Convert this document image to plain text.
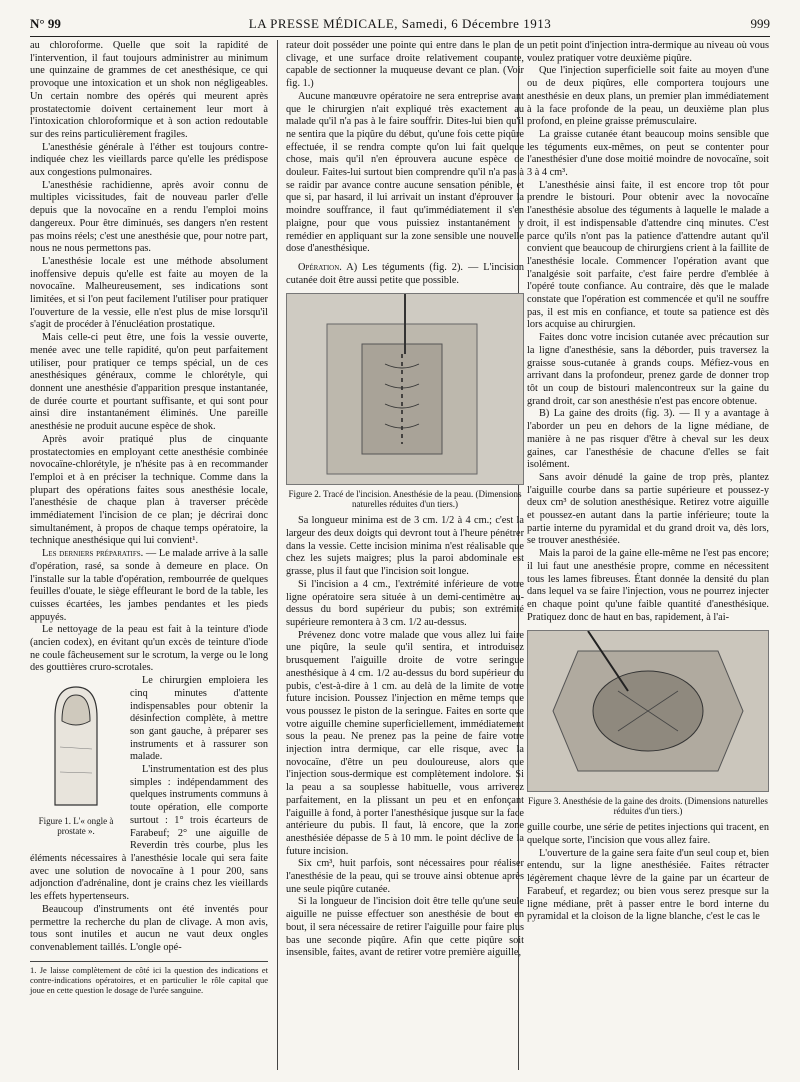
N° 99	LA PRESSE MÉDICALE, Samedi, 6 Décembre 1913	999

au chloroforme. Quelle que soit la rapidité de l'intervention, il faut toujours administrer au minimum une quinzaine de grammes de cet anesthésique, ce qui provoque une intoxication et un shok non négligeables. Un certain nombre des opérés qui meurent après prostatectomie doivent certainement leur mort à l'intoxication chloroformique et à son action redoutable sur des reins particulièrement fragiles.

L'anesthésie générale à l'éther est toujours contre-indiquée chez les vieillards parce qu'elle les prédispose aux congestions pulmonaires.

L'anesthésie rachidienne, après avoir connu de multiples vicissitudes, fait de nouveau parler d'elle depuis que la novocaïne en a rendu l'emploi moins dangereux. Pour être diminués, ses dangers n'en restent pas moins réels; c'est une anesthésie que, pour notre part, nous ne nous permettons pas.

L'anesthésie locale est une méthode absolument inoffensive depuis qu'elle est faite au moyen de la novocaïne. Malheureusement, ses indications sont limitées, et si l'on peut facilement l'utiliser pour pratiquer l'ouverture de la vessie, elle n'est plus de mise lorsqu'il s'agit de procéder à l'énucléation prostatique.

Mais celle-ci peut être, une fois la vessie ouverte, menée avec une telle rapidité, qu'on peut parfaitement utiliser, pour pratiquer ce temps spécial, un de ces anesthésiques généraux, comme le chlorétyle, qui donnent une anesthésie d'apparition presque instantanée, de durée courte et pourtant suffisante, et qui sont pour ainsi dire instantanément éliminés. Une pareille anesthésie ne produit aucune espèce de shok.

Après avoir pratiqué plus de cinquante prostatectomies en employant cette anesthésie combinée novocaïne-chlorétyle, je n'hésite pas à en recommander l'emploi et à en préciser la technique. Comme dans la plupart des opérations faites sous anesthésie locale, l'anesthésie de chaque plan à traverser précède immédiatement l'incision de ce plan; je décrirai donc simultanément, à propos de chaque temps opératoire, la technique anesthésique qui lui convient¹.

Les derniers préparatifs. — Le malade arrive à la salle d'opération, rasé, sa sonde à demeure en place. On l'installe sur la table d'opération, rembourrée de quelques feuilles d'ouate, le siège effleurant le bord de la table, les cuisses écartées, les jambes pendantes et les pieds appuyés.

Le nettoyage de la peau est fait à la teinture d'iode (ancien codex), en évitant qu'un excès de teinture d'iode ne coule fâcheusement sur le scrotum, la verge ou le long des gouttières cruro-scrotales.

Figure 1. L'« ongle à prostate ».

Le chirurgien emploiera les cinq minutes d'attente indispensables pour obtenir la désinfection complète, à mettre son gant gauche, à préparer ses instruments et à rassurer son malade.

L'instrumentation est des plus simples : indépendamment des quelques instruments communs à toute opération, elle comporte surtout : 1° trois écarteurs de Farabeuf; 2° une aiguille de Reverdin très courbe, plus les éléments nécessaires à l'anesthésie locale qui sera faite avec une solution de novocaïne à 1 pour 200, sans adjonction d'adrénaline, dont je crains chez les vieillards les effets hypertenseurs.

Beaucoup d'instruments ont été inventés pour permettre la recherche du plan de clivage. A mon avis, tous sont inutiles et aucun ne vaut deux ongles convenablement taillés. L'ongle opé-

1. Je laisse complètement de côté ici la question des indications et contre-indications opératoires, et en particulier le rôle capital que joue en cette question le dosage de l'urée sanguine.

rateur doit posséder une pointe qui entre dans le plan de clivage, et une surface droite relativement coupante, capable de sectionner la muqueuse devant ce plan. (Voir fig. 1.)

Aucune manœuvre opératoire ne sera entreprise avant que le chirurgien n'ait expliqué très exactement au malade qu'il n'a pas à le faire souffrir. Dites-lui bien qu'il ne sentira que la piqûre du début, qu'une fois cette piqûre effectuée, il se rendra compte qu'on lui fait quelque chose, mais qu'il n'en éprouvera aucune espèce de douleur. Faites-lui surtout bien comprendre qu'il n'a pas à se raidir par avance contre aucune sensation pénible, et que si, par hasard, il lui arrivait un instant d'éprouver la moindre souffrance, il faut qu'immédiatement il s'en plaigne, pour que vous puissiez instantanément y remédier en appliquant sur la zone sensible une nouvelle dose d'anesthésique.

Opération. A) Les téguments (fig. 2). — L'incision cutanée doit être aussi petite que possible.

Figure 2. Tracé de l'incision. Anesthésie de la peau. (Dimensions naturelles réduites d'un tiers.)

Sa longueur minima est de 3 cm. 1/2 à 4 cm.; c'est la largeur des deux doigts qui devront tout à l'heure pénétrer dans la vessie. Cette incision minima n'est réalisable que chez les sujets maigres; plus la paroi abdominale est grasse, plus il faut que l'incision soit longue.

Si l'incision a 4 cm., l'extrémité inférieure de votre ligne opératoire sera située à un demi-centimètre au-dessus du bord supérieur du pubis; son extrémité supérieure remontera à 3 cm. 1/2 au-dessus.

Prévenez donc votre malade que vous allez lui faire une piqûre, la seule qu'il sentira, et introduisez brusquement l'aiguille droite de votre seringue anesthésique à 4 cm. 1/2 au-dessus du bord supérieur du pubis, c'est-à-dire à 1 cm. au delà de la limite de votre future incision. Poussez l'injection en même temps que vous poussez le piston de la seringue. Faites en sorte que votre aiguille chemine superficiellement, immédiatement sous la peau. Ne prenez pas la peine de faire votre injection intra dermique, car elle risque, avec la novocaïne, d'être un peu douloureuse, alors que l'injection sous-dermique est complètement indolore. Si la peau a sa souplesse habituelle, vous arriverez parfaitement, en la plissant un peu et en enfonçant l'aiguille à fond, à porter l'anesthésique jusque sur la face antérieure du pubis. Il faut, là encore, que la zone anesthésiée dépasse de 5 à 10 mm. le point déclive de la future incision.

Six cm³, huit parfois, sont nécessaires pour réaliser l'anesthésie de la peau, qui se trouve ainsi obtenue après une seule piqûre cutanée.

Si la longueur de l'incision doit être telle qu'une seule aiguille ne puisse effectuer son anesthésie de bout en bout, il sera nécessaire de retirer l'aiguille pour faire plus bas une seconde piqûre. Afin que cette piqûre soit insensible, faites, avant de retirer votre première aiguille,

un petit point d'injection intra-dermique au niveau où vous voulez pratiquer votre deuxième piqûre.

Que l'injection superficielle soit faite au moyen d'une ou de deux piqûres, elle comportera toujours une anesthésie en deux plans, un premier plan immédiatement à la face profonde de la peau, un deuxième plan plus profond, en pleine graisse prémusculaire.

La graisse cutanée étant beaucoup moins sensible que les téguments eux-mêmes, on peut se contenter pour l'anesthésier d'une dose moitié moindre de novocaïne, soit 3 à 4 cm³.

L'anesthésie ainsi faite, il est encore trop tôt pour prendre le bistouri. Pour obtenir avec la novocaïne l'anesthésie absolue des téguments à laquelle le malade a droit, il est indispensable d'attendre cinq minutes. C'est parce qu'ils n'ont pas la patience d'attendre autant qu'il convient que beaucoup de chirurgiens crient à la faillite de l'anesthésie locale. Commencer l'opération avant que l'analgésie soit parfaite, c'est faire perdre d'emblée à l'opéré toute confiance. Au contraire, dès que le malade constate que l'opération est commencée et qu'il ne souffre pas, il est mis en confiance, et toute sa patience est dès lors acquise au chirurgien.

Faites donc votre incision cutanée avec précaution sur la ligne d'anesthésie, sans la déborder, puis traversez la graisse sous-cutanée à grands coups. Méfiez-vous en arrivant dans la profondeur, prenez garde de donner trop tôt un coup de bistouri malencontreux sur la gaine du grand droit, car son anesthésie n'est pas encore obtenue.

B) La gaine des droits (fig. 3). — Il y a avantage à l'aborder un peu en dehors de la ligne médiane, de manière à ne pas risquer d'être à cheval sur les deux gaines, car l'anesthésie de chacune d'elles se fait isolément.

Sans avoir dénudé la gaine de trop près, plantez l'aiguille courbe dans sa partie supérieure et poussez-y deux cm³ de solution anesthésique. Retirez votre aiguille et poussez-en autant dans la partie inférieure; toute la partie interne du pyramidal et du grand droit va, dès lors, se trouver anesthésiée.

Mais la paroi de la gaine elle-même ne l'est pas encore; il lui faut une anesthésie propre, comme en nécessitent tous les lames fibreuses. Étant donnée la densité du plan dans lequel va se faire l'injection, vous ne pourrez injecter en chaque point qu'une faible quantité d'anesthésique. Pratiquez donc de haut en bas, rapidement, à l'ai-

Figure 3. Anesthésie de la gaine des droits. (Dimensions naturelles réduites d'un tiers.)

guille courbe, une série de petites injections qui tracent, en quelque sorte, l'incision que vous allez faire.

L'ouverture de la gaine sera faite d'un seul coup et, bien entendu, sur la ligne anesthésiée. Faites rétracter légèrement chaque lèvre de la gaine par un écarteur de Farabeuf, et regardez; ou bien vous serez presque sur la ligne médiane, prêt à passer entre le bord interne du pyramidal et la cloison de la ligne blanche, c'est le cas le
